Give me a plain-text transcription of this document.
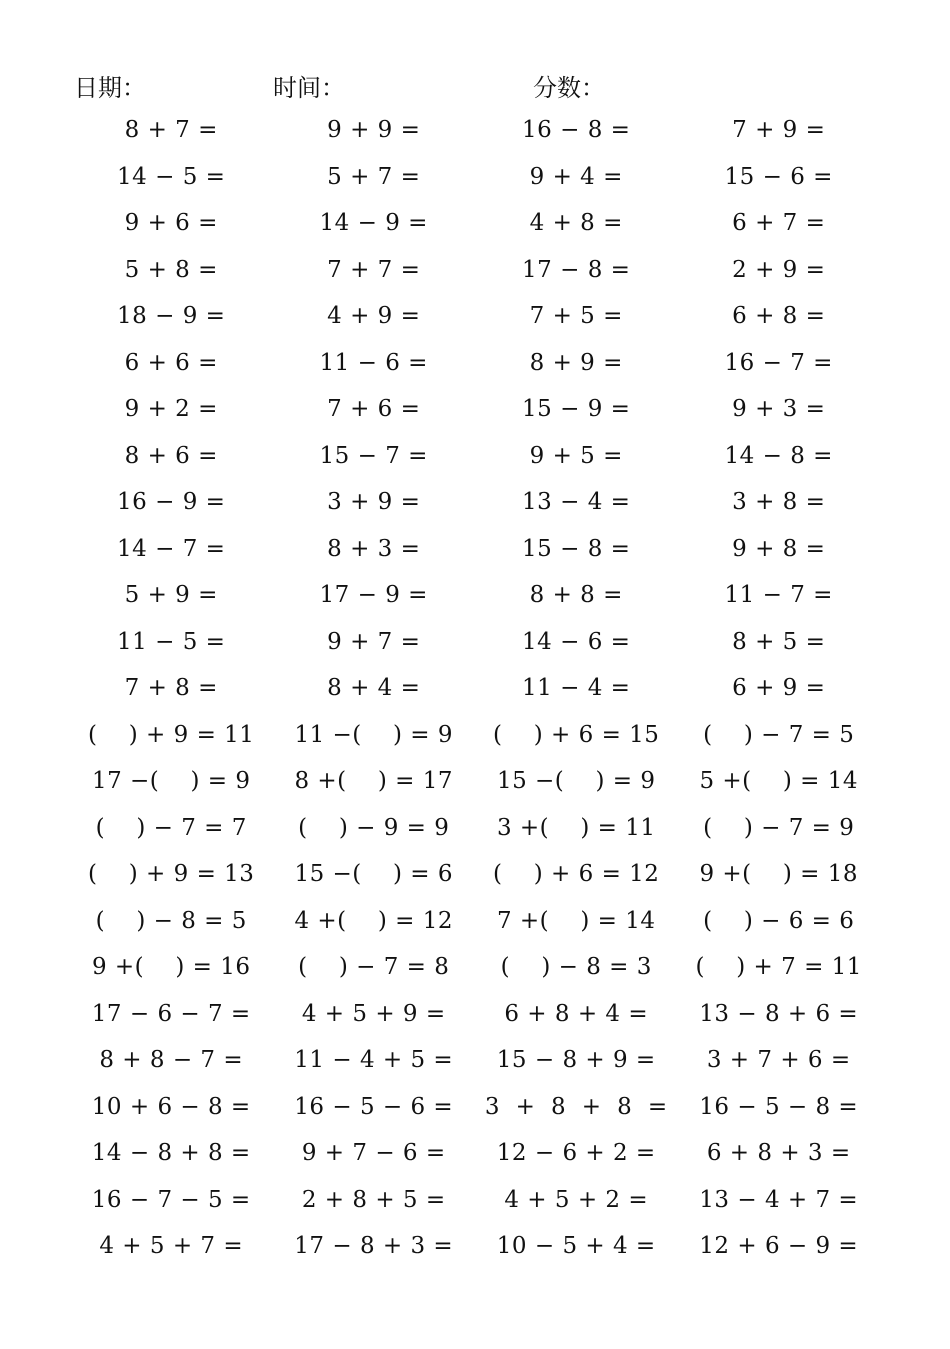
日期：	时间：	分数：
8 + 7 =	9 + 9 =	16 − 8 =	7 + 9 =
14 − 5 =	5 + 7 =	9 + 4 =	15 − 6 =
9 + 6 =	14 − 9 =	4 + 8 =	6 + 7 =
5 + 8 =	7 + 7 =	17 − 8 =	2 + 9 =
18 − 9 =	4 + 9 =	7 + 5 =	6 + 8 =
6 + 6 =	11 − 6 =	8 + 9 =	16 − 7 =
9 + 2 =	7 + 6 =	15 − 9 =	9 + 3 =
8 + 6 =	15 − 7 =	9 + 5 =	14 − 8 =
16 − 9 =	3 + 9 =	13 − 4 =	3 + 8 =
14 − 7 =	8 + 3 =	15 − 8 =	9 + 8 =
5 + 9 =	17 − 9 =	8 + 8 =	11 − 7 =
11 − 5 =	9 + 7 =	14 − 6 =	8 + 5 =
7 + 8 =	8 + 4 =	11 − 4 =	6 + 9 =
(    ) + 9 = 11	11 −(    ) = 9	(    ) + 6 = 15	(    ) − 7 = 5
17 −(    ) = 9	8 +(    ) = 17	15 −(    ) = 9	5 +(    ) = 14
(    ) − 7 = 7	(    ) − 9 = 9	3 +(    ) = 11	(    ) − 7 = 9
(    ) + 9 = 13	15 −(    ) = 6	(    ) + 6 = 12	9 +(    ) = 18
(    ) − 8 = 5	4 +(    ) = 12	7 +(    ) = 14	(    ) − 6 = 6
9 +(    ) = 16	(    ) − 7 = 8	(    ) − 8 = 3	(    ) + 7 = 11
17 − 6 − 7 =	4 + 5 + 9 =	6 + 8 + 4 =	13 − 8 + 6 =
8 + 8 − 7 =	11 − 4 + 5 =	15 − 8 + 9 =	3 + 7 + 6 =
10 + 6 − 8 =	16 − 5 − 6 =	3  +  8  +  8  =	16 − 5 − 8 =
14 − 8 + 8 =	9 + 7 − 6 =	12 − 6 + 2 =	6 + 8 + 3 =
16 − 7 − 5 =	2 + 8 + 5 =	4 + 5 + 2 =	13 − 4 + 7 =
4 + 5 + 7 =	17 − 8 + 3 =	10 − 5 + 4 =	12 + 6 − 9 =
